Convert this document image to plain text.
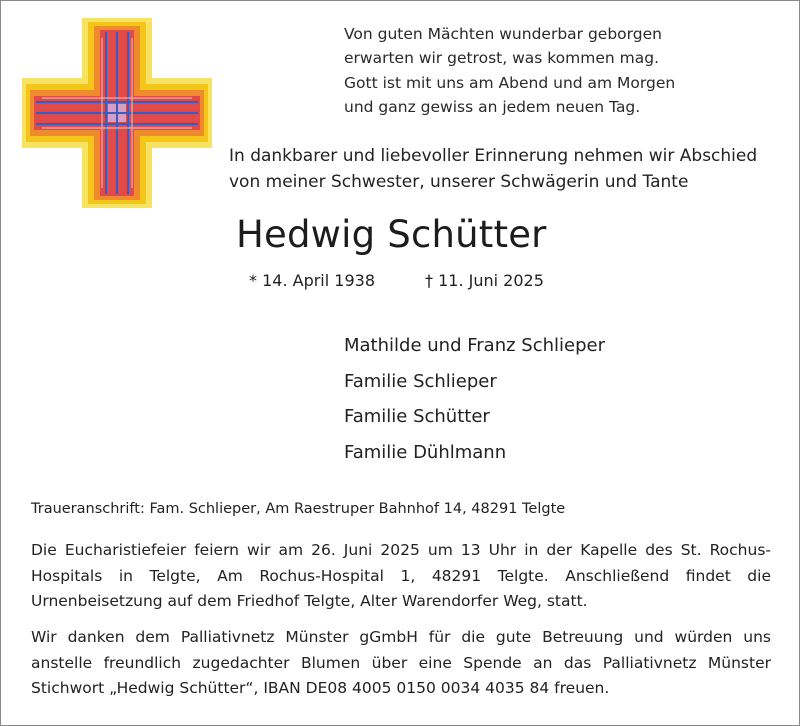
Von guten Mächten wunderbar geborgen
erwarten wir getrost, was kommen mag.
Gott ist mit uns am Abend und am Morgen
und ganz gewiss an jedem neuen Tag.
In dankbarer und liebevoller Erinnerung nehmen wir Abschied
von meiner Schwester, unserer Schwägerin und Tante
Hedwig Schütter
* 14. April 1938	† 11. Juni 2025
Mathilde und Franz Schlieper
Familie Schlieper
Familie Schütter
Familie Dühlmann
Traueranschrift: Fam. Schlieper, Am Raestruper Bahnhof 14, 48291 Telgte
Die Eucharistiefeier feiern wir am 26. Juni 2025 um 13 Uhr in der Kapelle des St. Rochus-
Hospitals in Telgte, Am Rochus-Hospital 1, 48291 Telgte. Anschließend findet die
Urnenbeisetzung auf dem Friedhof Telgte, Alter Warendorfer Weg, statt.
Wir danken dem Palliativnetz Münster gGmbH für die gute Betreuung und würden uns
anstelle freundlich zugedachter Blumen über eine Spende an das Palliativnetz Münster
Stichwort „Hedwig Schütter“, IBAN DE08 4005 0150 0034 4035 84 freuen.
